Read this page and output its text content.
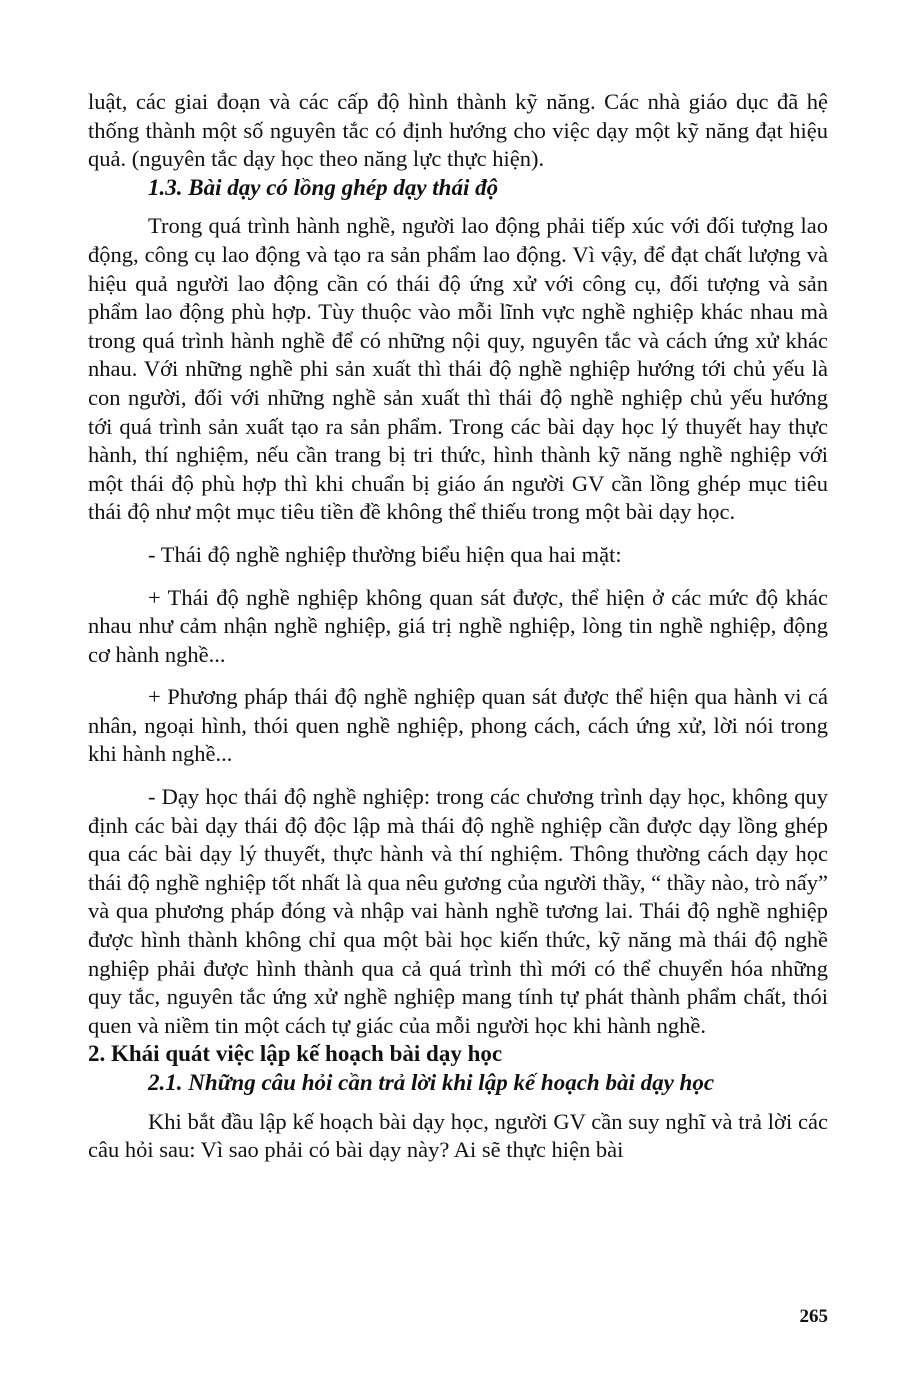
luật, các giai đoạn và các cấp độ hình thành kỹ năng. Các nhà giáo dục đã hệ thống thành một số nguyên tắc có định hướng cho việc dạy một kỹ năng đạt hiệu quả. (nguyên tắc dạy học theo năng lực thực hiện).

1.3. Bài dạy có lồng ghép dạy thái độ

Trong quá trình hành nghề, người lao động phải tiếp xúc với đối tượng lao động, công cụ lao động và tạo ra sản phẩm lao động. Vì vậy, để đạt chất lượng và hiệu quả người lao động cần có thái độ ứng xử với công cụ, đối tượng và sản phẩm lao động phù hợp. Tùy thuộc vào mỗi lĩnh vực nghề nghiệp khác nhau mà trong quá trình hành nghề để có những nội quy, nguyên tắc và cách ứng xử khác nhau. Với những nghề phi sản xuất thì thái độ nghề nghiệp hướng tới chủ yếu là con người, đối với những nghề sản xuất thì thái độ nghề nghiệp chủ yếu hướng tới quá trình sản xuất tạo ra sản phẩm. Trong các bài dạy học lý thuyết hay thực hành, thí nghiệm, nếu cần trang bị tri thức, hình thành kỹ năng nghề nghiệp với một thái độ phù hợp thì khi chuẩn bị giáo án người GV cần lồng ghép mục tiêu thái độ như một mục tiêu tiền đề không thể thiếu trong một bài dạy học.

- Thái độ nghề nghiệp thường biểu hiện qua hai mặt:

+ Thái độ nghề nghiệp không quan sát được, thể hiện ở các mức độ khác nhau như cảm nhận nghề nghiệp, giá trị nghề nghiệp, lòng tin nghề nghiệp, động cơ hành nghề...

+ Phương pháp thái độ nghề nghiệp quan sát được thể hiện qua hành vi cá nhân, ngoại hình, thói quen nghề nghiệp, phong cách, cách ứng xử, lời nói trong khi hành nghề...

- Dạy học thái độ nghề nghiệp: trong các chương trình dạy học, không quy định các bài dạy thái độ độc lập mà thái độ nghề nghiệp cần được dạy lồng ghép qua các bài dạy lý thuyết, thực hành và thí nghiệm. Thông thường cách dạy học thái độ nghề nghiệp tốt nhất là qua nêu gương của người thầy, “ thầy nào, trò nấy” và qua phương pháp đóng và nhập vai hành nghề tương lai. Thái độ nghề nghiệp được hình thành không chỉ qua một bài học kiến thức, kỹ năng mà thái độ nghề nghiệp phải được hình thành qua cả quá trình thì mới có thể chuyển hóa những quy tắc, nguyên tắc ứng xử nghề nghiệp mang tính tự phát thành phẩm chất, thói quen và niềm tin một cách tự giác của mỗi người học khi hành nghề.

2. Khái quát việc lập kế hoạch bài dạy học

2.1. Những câu hỏi cần trả lời khi lập kế hoạch bài dạy học

Khi bắt đầu lập kế hoạch bài dạy học, người GV cần suy nghĩ và trả lời các câu hỏi sau: Vì sao phải có bài dạy này? Ai sẽ thực hiện bài

265
